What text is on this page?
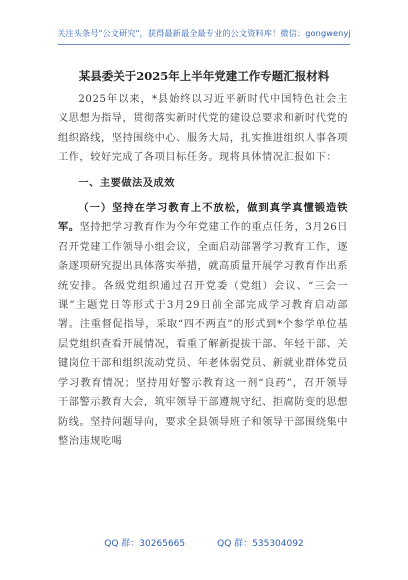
关注头条号"公文研究"，获得最新最全最专业的公文资料库！微信：gongwenyj
某县委关于2025年上半年党建工作专题汇报材料

2025年以来，*县始终以习近平新时代中国特色社会主义思想为指导，贯彻落实新时代党的建设总要求和新时代党的组织路线，坚持围绕中心、服务大局，扎实推进组织人事各项工作，较好完成了各项目标任务。现将具体情况汇报如下：

一、主要做法及成效

（一）坚持在学习教育上不放松，做到真学真懂锻造铁军。坚持把学习教育作为今年党建工作的重点任务，3月26日召开党建工作领导小组会议，全面启动部署学习教育工作，逐条逐项研究提出具体落实举措，就高质量开展学习教育作出系统安排。各级党组织通过召开党委（党组）会议、“三会一课”主题党日等形式于3月29日前全部完成学习教育启动部署。注重督促指导，采取“四不两直”的形式到*个参学单位基层党组织查看开展情况，看重了解新提拔干部、年轻干部、关键岗位干部和组织流动党员、年老体弱党员、新就业群体党员学习教育情况；坚持用好警示教育这一剂“良药”，召开领导干部警示教育大会，筑牢领导干部遵规守纪、拒腐防变的思想防线。坚持问题导向，要求全县领导班子和领导干部围绕集中整治违规吃喝

QQ 群：30265665	QQ 群：535304092
